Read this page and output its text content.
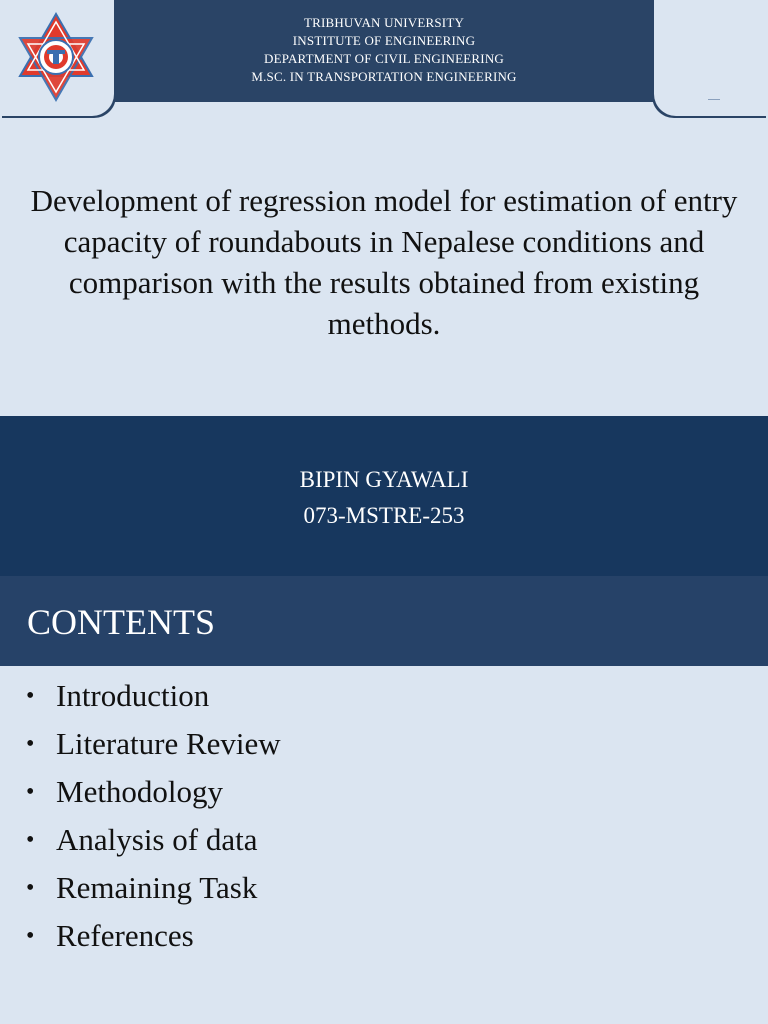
TRIBHUVAN UNIVERSITY
INSTITUTE OF ENGINEERING
DEPARTMENT OF CIVIL ENGINEERING
M.SC. IN TRANSPORTATION ENGINEERING
Development of regression model for estimation of entry capacity of roundabouts in Nepalese conditions and comparison with the results obtained from existing methods.
BIPIN GYAWALI
073-MSTRE-253
CONTENTS
• Introduction
• Literature Review
• Methodology
• Analysis of data
• Remaining Task
• References
